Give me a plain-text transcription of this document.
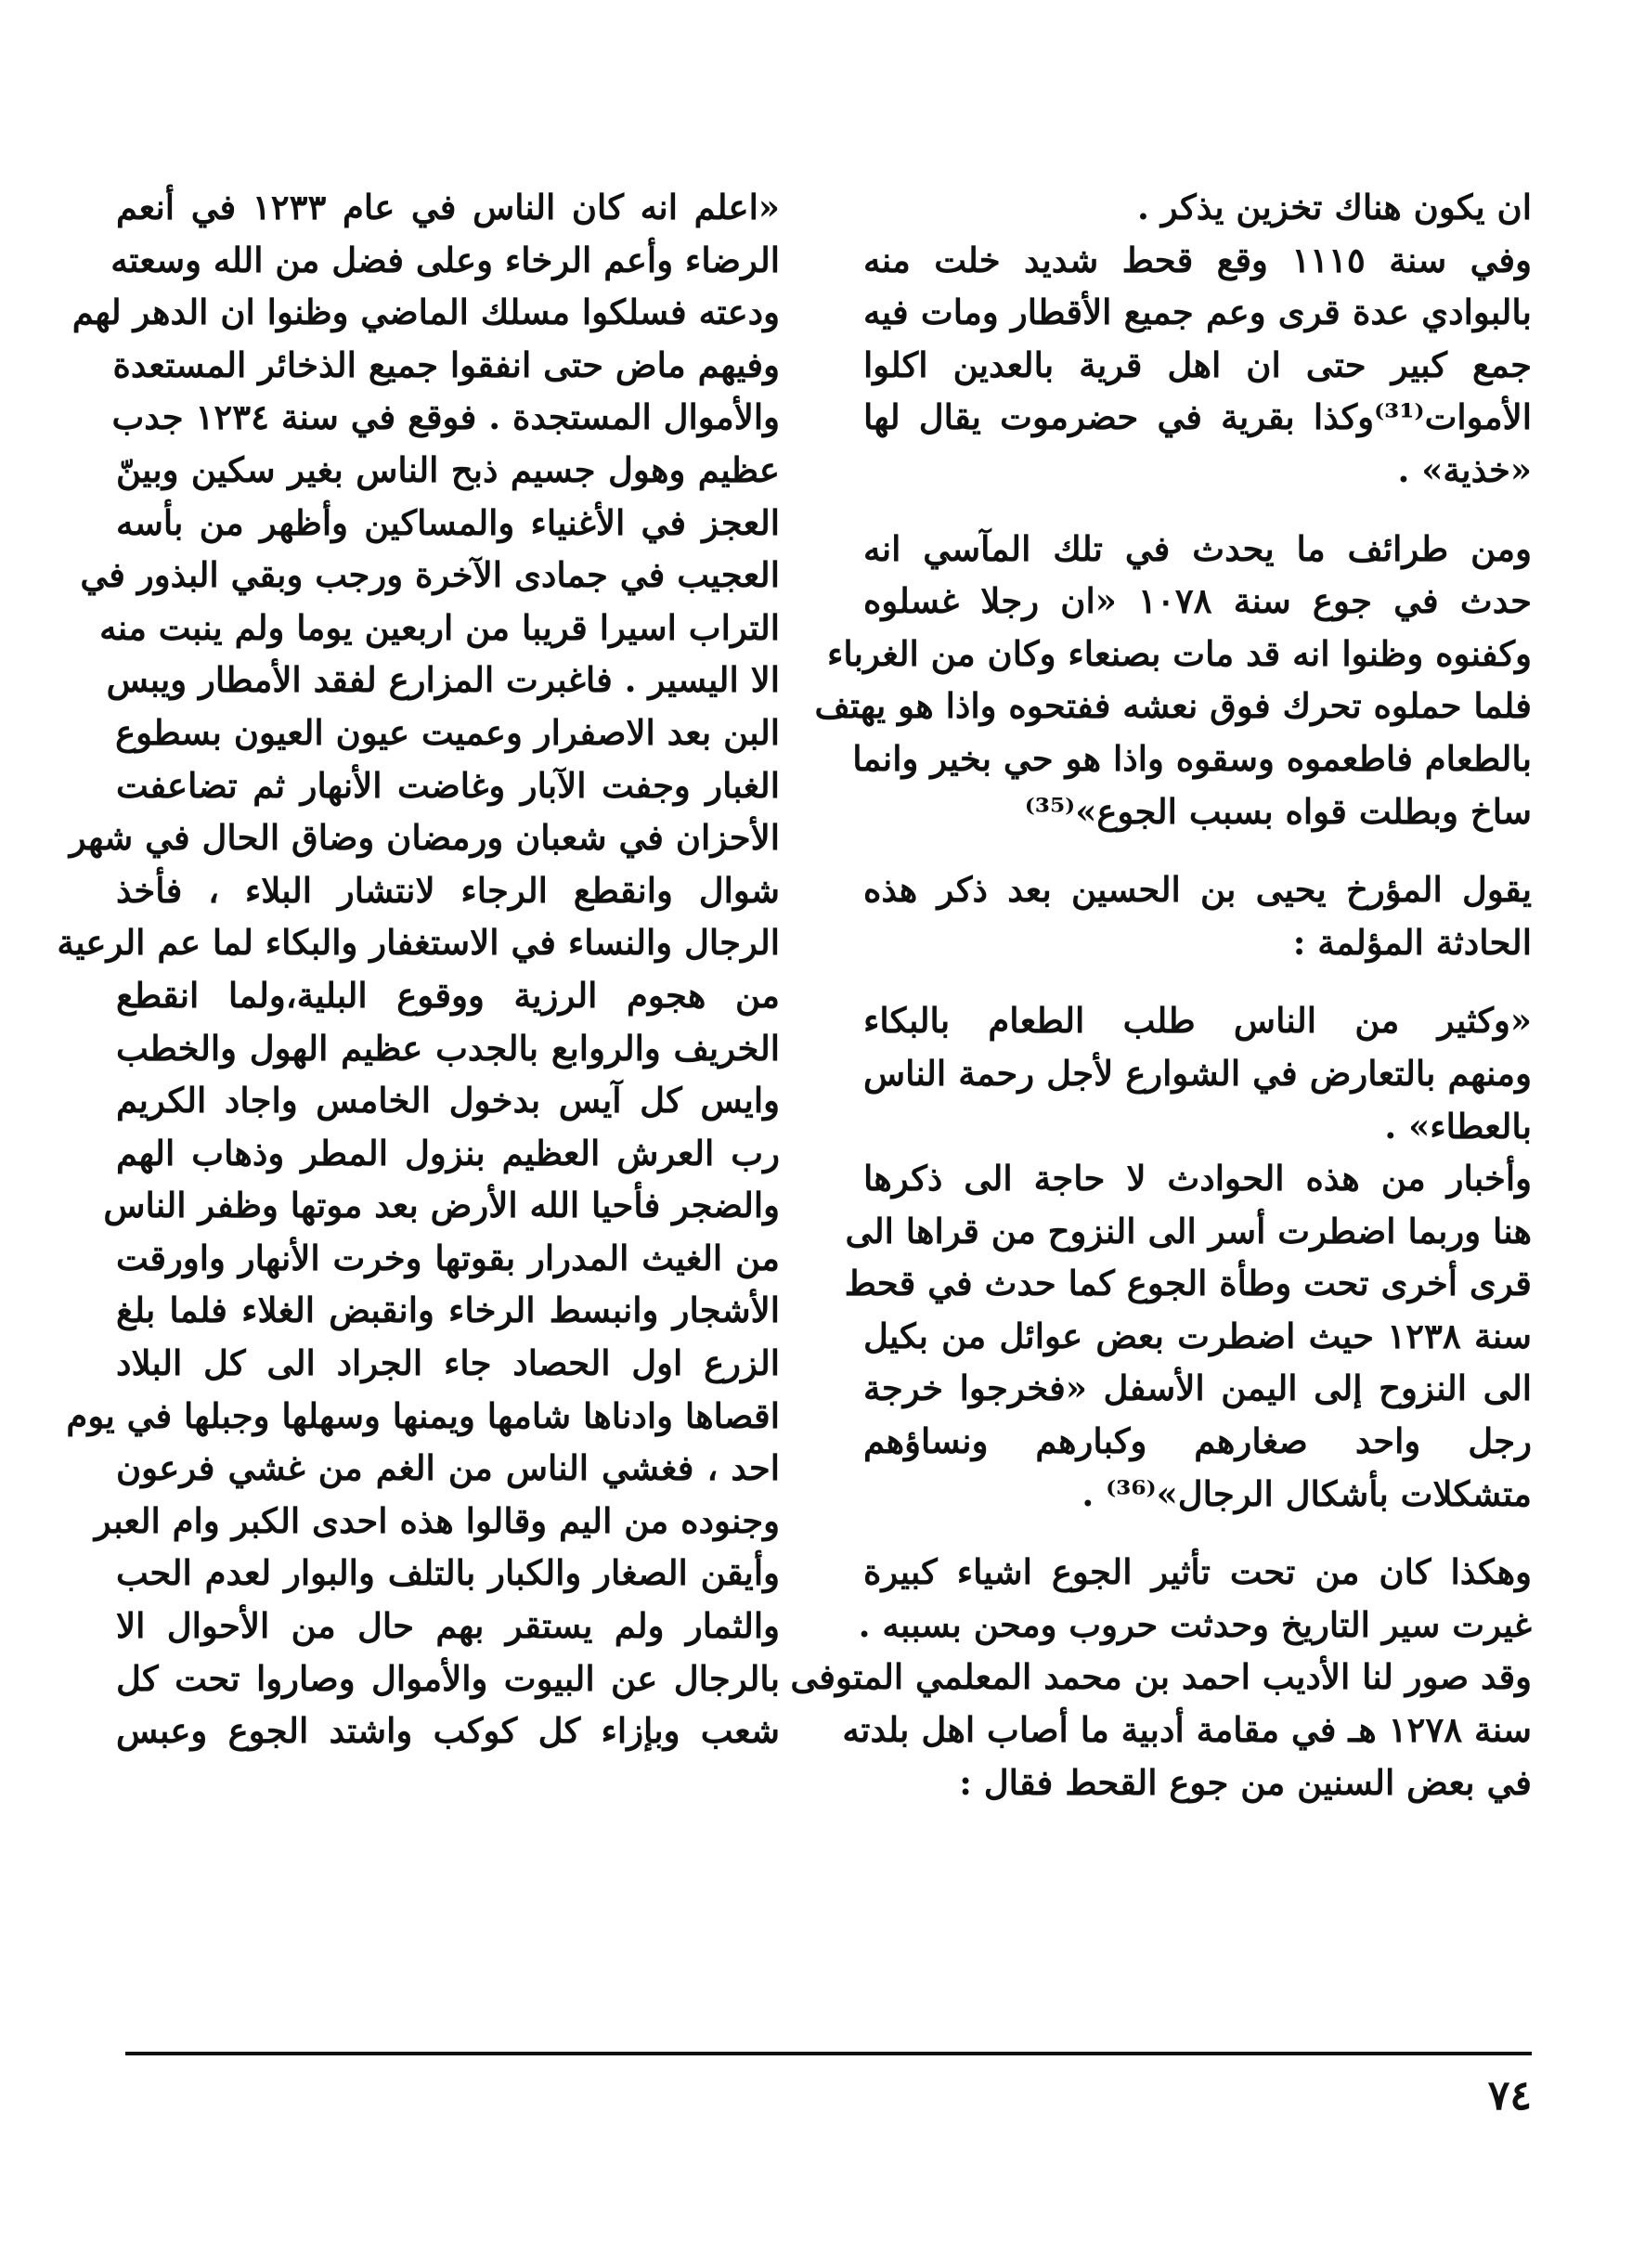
ان يكون هناك تخزين يذكر .

وفي سنة ١١١٥ وقع قحط شديد خلت منه
بالبوادي عدة قرى وعم جميع الأقطار ومات فيه
جمع كبير حتى ان اهل قرية بالعدين اكلوا
الأموات⁽³¹⁾وكذا بقرية في حضرموت يقال لها
«خذية» .

ومن طرائف ما يحدث في تلك المآسي انه
حدث في جوع سنة ١٠٧٨ «ان رجلا غسلوه
وكفنوه وظنوا انه قد مات بصنعاء وكان من الغرباء
فلما حملوه تحرك فوق نعشه ففتحوه واذا هو يهتف
بالطعام فاطعموه وسقوه واذا هو حي بخير وانما
ساخ وبطلت قواه بسبب الجوع»⁽³⁵⁾

يقول المؤرخ يحيى بن الحسين بعد ذكر هذه
الحادثة المؤلمة :

«وكثير من الناس طلب الطعام بالبكاء
ومنهم بالتعارض في الشوارع لأجل رحمة الناس
بالعطاء» .

وأخبار من هذه الحوادث لا حاجة الى ذكرها
هنا وربما اضطرت أسر الى النزوح من قراها الى
قرى أخرى تحت وطأة الجوع كما حدث في قحط
سنة ١٢٣٨ حيث اضطرت بعض عوائل من بكيل
الى النزوح إلى اليمن الأسفل «فخرجوا خرجة
رجل واحد صغارهم وكبارهم ونساؤهم
متشكلات بأشكال الرجال»⁽³⁶⁾ .

وهكذا كان من تحت تأثير الجوع اشياء كبيرة
غيرت سير التاريخ وحدثت حروب ومحن بسببه .
وقد صور لنا الأديب احمد بن محمد المعلمي المتوفى
سنة ١٢٧٨ هـ في مقامة أدبية ما أصاب اهل بلدته
في بعض السنين من جوع القحط فقال :

«اعلم انه كان الناس في عام ١٢٣٣ في أنعم
الرضاء وأعم الرخاء وعلى فضل من الله وسعته
ودعته فسلكوا مسلك الماضي وظنوا ان الدهر لهم
وفيهم ماض حتى انفقوا جميع الذخائر المستعدة
والأموال المستجدة . فوقع في سنة ١٢٣٤ جدب
عظيم وهول جسيم ذبح الناس بغير سكين وبينّ
العجز في الأغنياء والمساكين وأظهر من بأسه
العجيب في جمادى الآخرة ورجب وبقي البذور في
التراب اسيرا قريبا من اربعين يوما ولم ينبت منه
الا اليسير . فاغبرت المزارع لفقد الأمطار ويبس
البن بعد الاصفرار وعميت عيون العيون بسطوع
الغبار وجفت الآبار وغاضت الأنهار ثم تضاعفت
الأحزان في شعبان ورمضان وضاق الحال في شهر
شوال وانقطع الرجاء لانتشار البلاء ، فأخذ
الرجال والنساء في الاستغفار والبكاء لما عم الرعية
من هجوم الرزية ووقوع البلية،ولما انقطع
الخريف والروابع بالجدب عظيم الهول والخطب
وايس كل آيس بدخول الخامس واجاد الكريم
رب العرش العظيم بنزول المطر وذهاب الهم
والضجر فأحيا الله الأرض بعد موتها وظفر الناس
من الغيث المدرار بقوتها وخرت الأنهار واورقت
الأشجار وانبسط الرخاء وانقبض الغلاء فلما بلغ
الزرع اول الحصاد جاء الجراد الى كل البلاد
اقصاها وادناها شامها ويمنها وسهلها وجبلها في يوم
احد ، فغشي الناس من الغم من غشي فرعون
وجنوده من اليم وقالوا هذه احدى الكبر وام العبر
وأيقن الصغار والكبار بالتلف والبوار لعدم الحب
والثمار ولم يستقر بهم حال من الأحوال الا
بالرجال عن البيوت والأموال وصاروا تحت كل
شعب وبإزاء كل كوكب واشتد الجوع وعبس

٧٤
